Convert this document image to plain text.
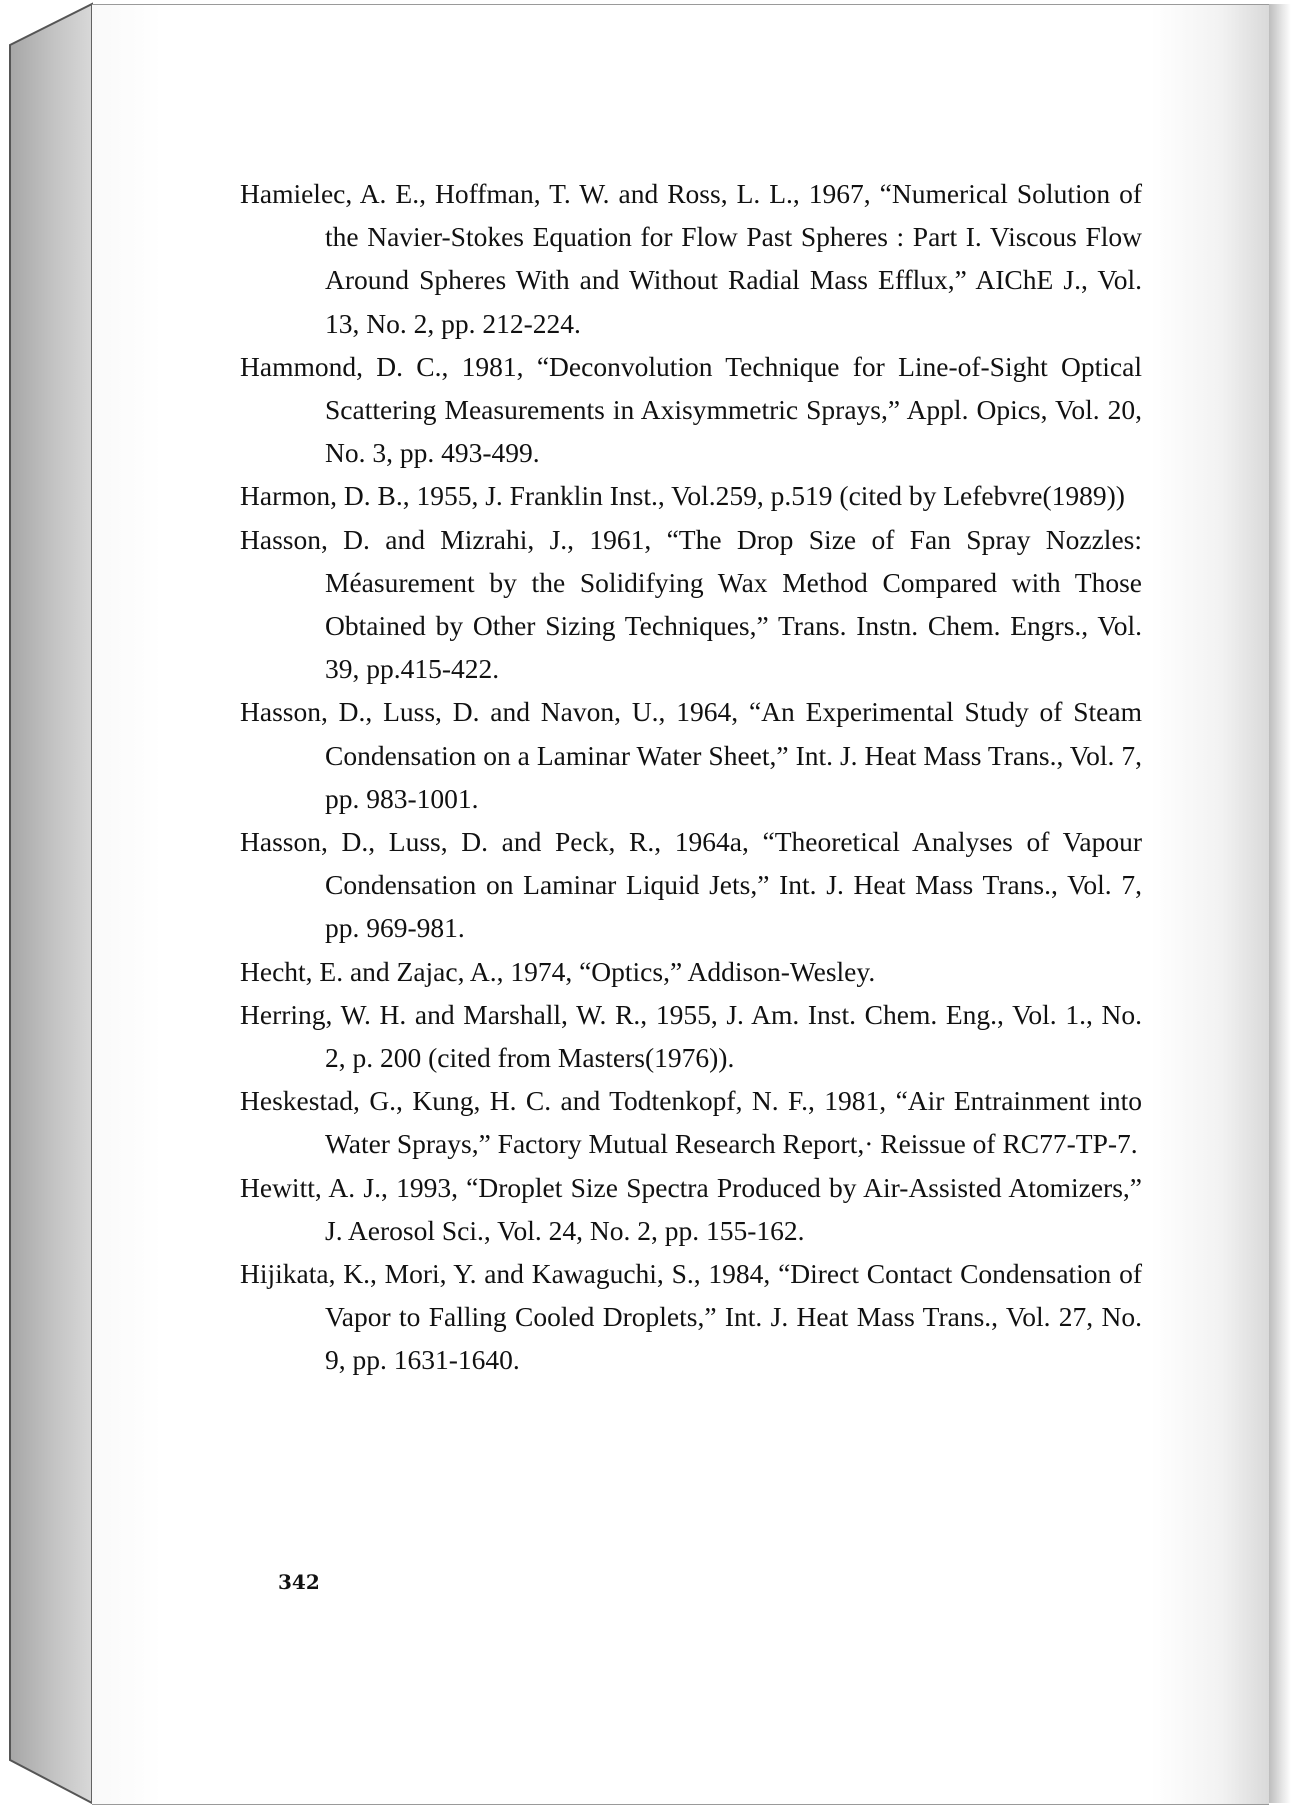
Hamielec, A. E., Hoffman, T. W. and Ross, L. L., 1967, “Numerical Solution of the Navier-Stokes Equation for Flow Past Spheres : Part I. Viscous Flow Around Spheres With and Without Radial Mass Efflux,” AIChE J., Vol. 13, No. 2, pp. 212-224.

Hammond, D. C., 1981, “Deconvolution Technique for Line-of-Sight Optical Scattering Measurements in Axisymmetric Sprays,” Appl. Opics, Vol. 20, No. 3, pp. 493-499.

Harmon, D. B., 1955, J. Franklin Inst., Vol.259, p.519 (cited by Lefebvre(1989))

Hasson, D. and Mizrahi, J., 1961, “The Drop Size of Fan Spray Nozzles: Méasurement by the Solidifying Wax Method Compared with Those Obtained by Other Sizing Techniques,” Trans. Instn. Chem. Engrs., Vol. 39, pp.415-422.

Hasson, D., Luss, D. and Navon, U., 1964, “An Experimental Study of Steam Condensation on a Laminar Water Sheet,” Int. J. Heat Mass Trans., Vol. 7, pp. 983-1001.

Hasson, D., Luss, D. and Peck, R., 1964a, “Theoretical Analyses of Vapour Condensation on Laminar Liquid Jets,” Int. J. Heat Mass Trans., Vol. 7, pp. 969-981.

Hecht, E. and Zajac, A., 1974, “Optics,” Addison-Wesley.

Herring, W. H. and Marshall, W. R., 1955, J. Am. Inst. Chem. Eng., Vol. 1., No. 2, p. 200 (cited from Masters(1976)).

Heskestad, G., Kung, H. C. and Todtenkopf, N. F., 1981, “Air Entrainment into Water Sprays,” Factory Mutual Research Report,· Reissue of RC77-TP-7.

Hewitt, A. J., 1993, “Droplet Size Spectra Produced by Air-Assisted Atomizers,” J. Aerosol Sci., Vol. 24, No. 2, pp. 155-162.

Hijikata, K., Mori, Y. and Kawaguchi, S., 1984, “Direct Contact Condensation of Vapor to Falling Cooled Droplets,” Int. J. Heat Mass Trans., Vol. 27, No. 9, pp. 1631-1640.

342
